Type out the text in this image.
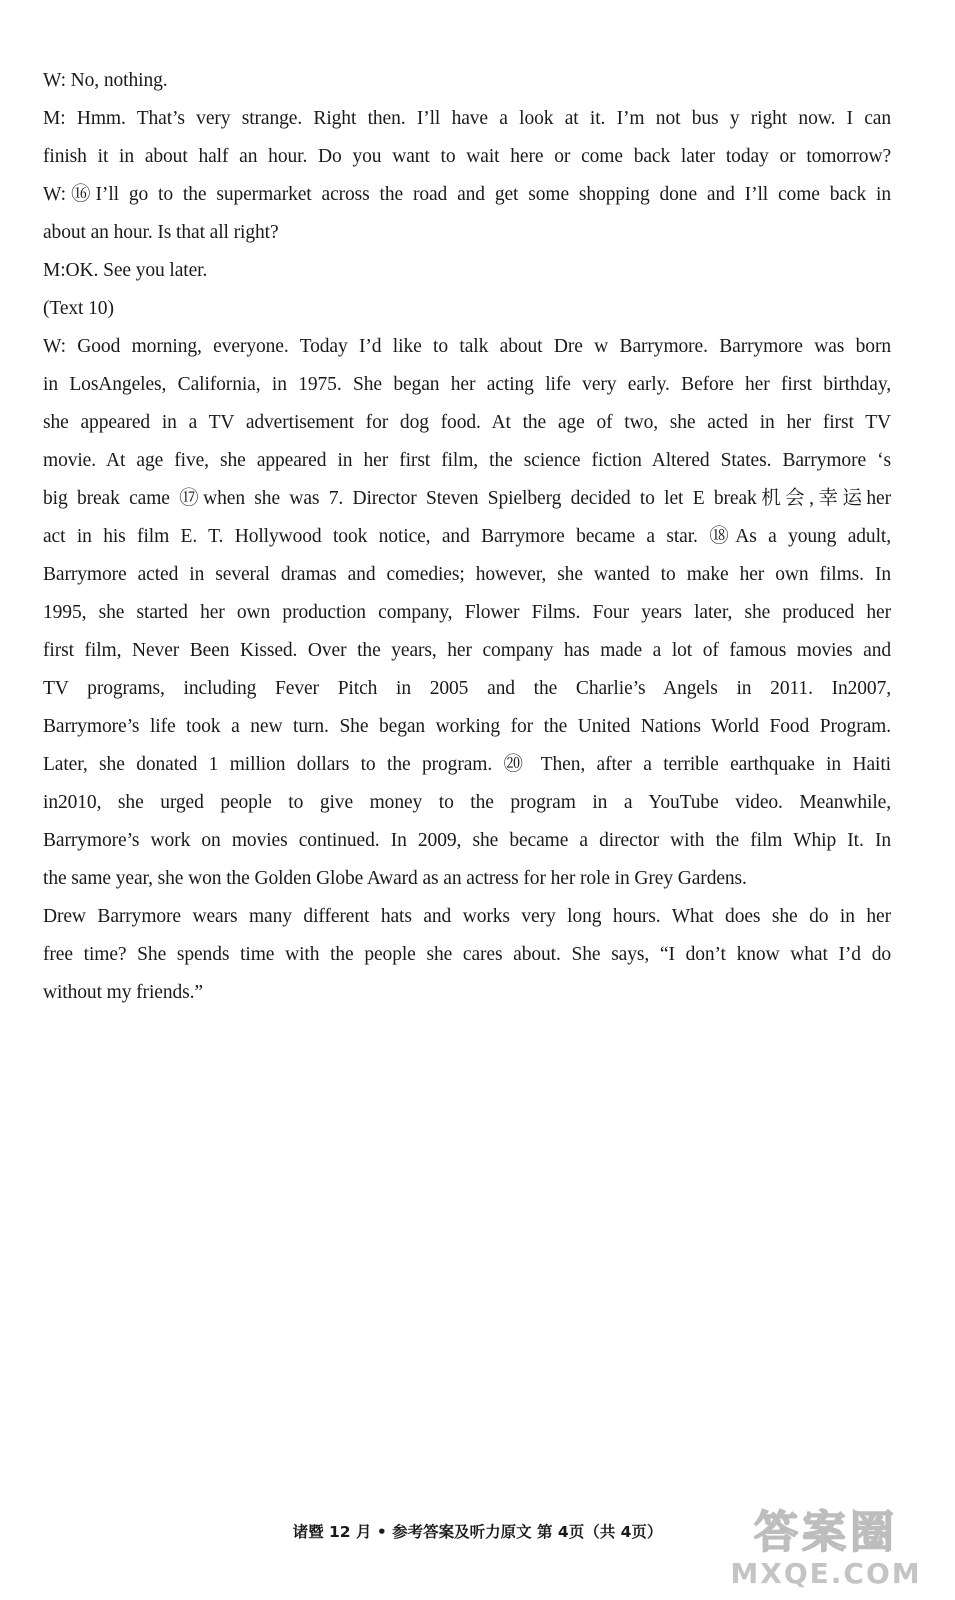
W: No, nothing.
M: Hmm. That’s very strange. Right then. I’ll have a look at it. I’m not bus y right now. I can
finish it in about half an hour. Do you want to wait here or come back later today or tomorrow?
W:⑯I’ll go to the supermarket across the road and get some shopping done and I’ll come back in
about an hour. Is that all right?
M:OK. See you later.
(Text 10)
W: Good morning, everyone. Today I’d like to talk about Dre w Barrymore. Barrymore was born
in LosAngeles, California, in 1975. She began her acting life very early. Before her first birthday,
she appeared in a TV advertisement for dog food. At the age of two, she acted in her first TV
movie. At age five, she appeared in her first film, the science fiction Altered States. Barrymore ‘s
big break came ⑰when she was 7. Director Steven Spielberg decided to let E break机会,幸运her
act in his film E. T. Hollywood took notice, and Barrymore became a star. ⑱As a young adult,
Barrymore acted in several dramas and comedies; however, she wanted to make her own films. In
1995, she started her own production company, Flower Films. Four years later, she produced her
first film, Never Been Kissed. Over the years, her company has made a lot of famous movies and
TV programs, including Fever Pitch in 2005 and the Charlie’s Angels in 2011. In2007,
Barrymore’s life took a new turn. She began working for the United Nations World Food Program.
Later, she donated 1 million dollars to the program. ⑳ Then, after a terrible earthquake in Haiti
in2010, she urged people to give money to the program in a YouTube video. Meanwhile,
Barrymore’s work on movies continued. In 2009, she became a director with the film Whip It. In
the same year, she won the Golden Globe Award as an actress for her role in Grey Gardens.
Drew Barrymore wears many different hats and works very long hours. What does she do in her
free time? She spends time with the people she cares about. She says, “I don’t know what I’d do
without my friends.”
诸暨 12 月 • 参考答案及听力原文 第 4页（共 4页）	答案圈
MXQE.COM
